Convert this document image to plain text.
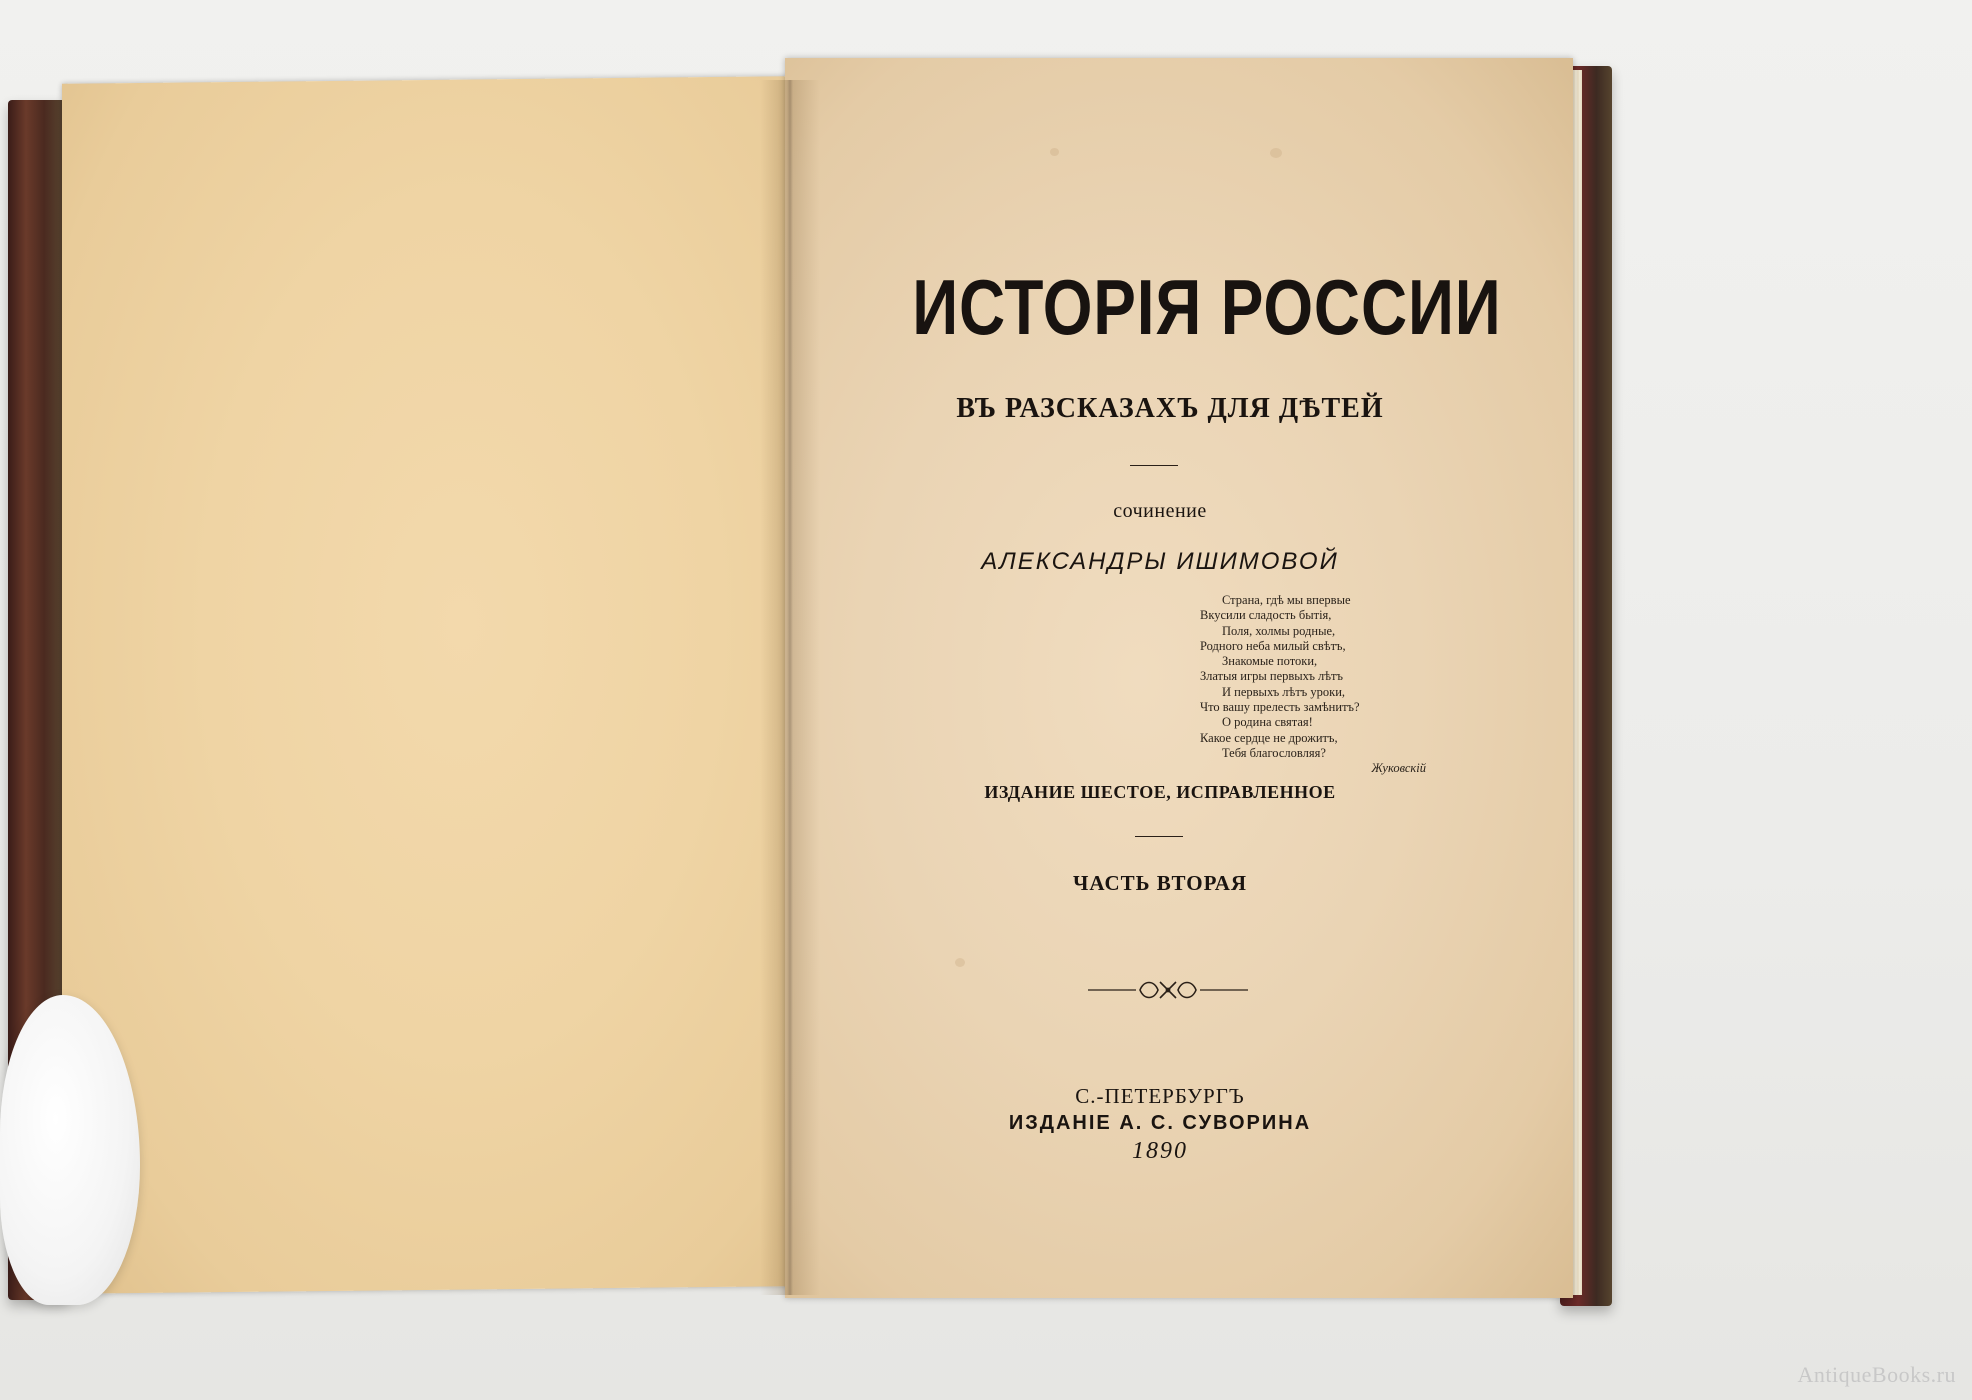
ИСТОРІЯ РОССИИ
ВЪ РАЗСКАЗАХЪ ДЛЯ ДѢТЕЙ
сочинение
АЛЕКСАНДРЫ ИШИМОВОЙ
Страна, гдѣ мы впервые
Вкусили сладость бытія,
Поля, холмы родные,
Родного неба милый свѣтъ,
Знакомые потоки,
Златыя игры первыхъ лѣтъ
И первыхъ лѣтъ уроки,
Что вашу прелесть замѣнитъ?
О родина святая!
Какое сердце не дрожитъ,
Тебя благословляя?
Жуковскій
ИЗДАНИЕ ШЕСТОЕ, ИСПРАВЛЕННОЕ
ЧАСТЬ ВТОРАЯ
С.-ПЕТЕРБУРГЪ
ИЗДАНІЕ А. С. СУВОРИНА
1890
AntiqueBooks.ru
